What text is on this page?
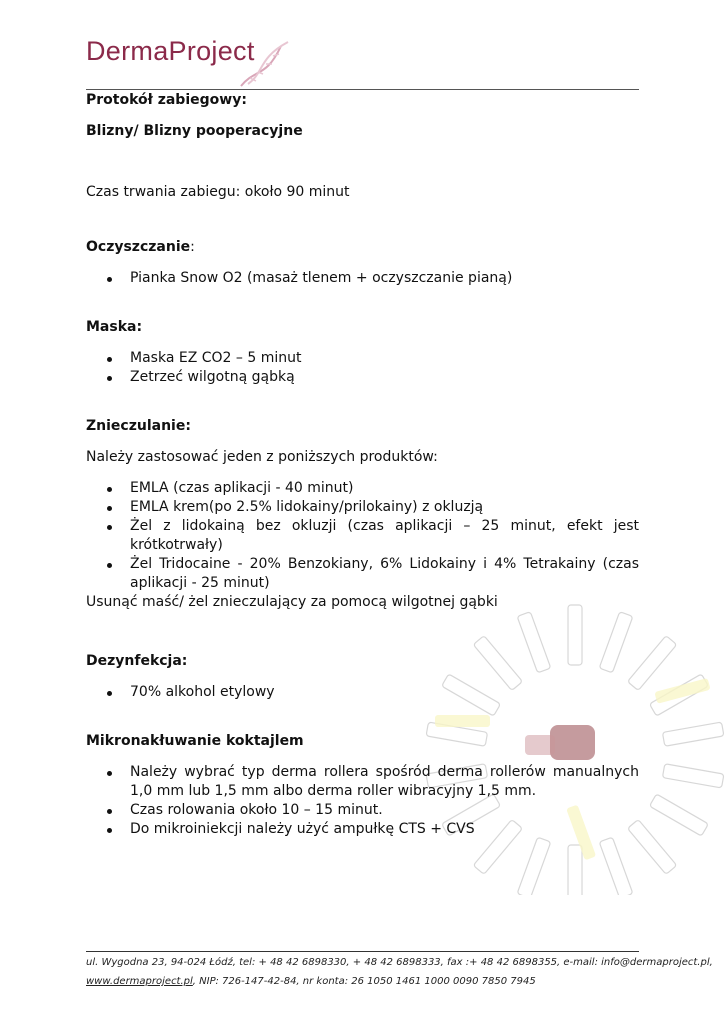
DermaProject

Protokół zabiegowy:

Blizny/ Blizny pooperacyjne

Czas trwania zabiegu: około 90 minut

Oczyszczanie:

Pianka Snow O2 (masaż tlenem + oczyszczanie pianą)

Maska:

Maska EZ CO2 – 5 minut
Zetrzeć wilgotną gąbką

Znieczulanie:

Należy zastosować jeden z poniższych produktów:

EMLA (czas aplikacji - 40 minut)
EMLA krem(po 2.5% lidokainy/prilokainy) z okluzją
Żel z lidokainą bez okluzji (czas aplikacji – 25 minut, efekt jest krótkotrwały)
Żel Tridocaine - 20% Benzokiany, 6% Lidokainy i 4% Tetrakainy (czas aplikacji - 25 minut)

Usunąć maść/ żel znieczulający za pomocą wilgotnej gąbki

Dezynfekcja:

70% alkohol etylowy

Mikronakłuwanie koktajlem

Należy wybrać typ derma rollera spośród derma rollerów manualnych 1,0 mm lub 1,5 mm albo derma roller wibracyjny 1,5 mm.
Czas rolowania około 10 – 15 minut.
Do mikroiniekcji należy użyć ampułkę CTS + CVS
ul. Wygodna 23, 94-024 Łódź, tel: + 48 42 6898330, + 48 42 6898333, fax :+ 48 42 6898355, e-mail: info@dermaproject.pl,
www.dermaproject.pl, NIP: 726-147-42-84, nr konta: 26 1050 1461 1000 0090 7850 7945
